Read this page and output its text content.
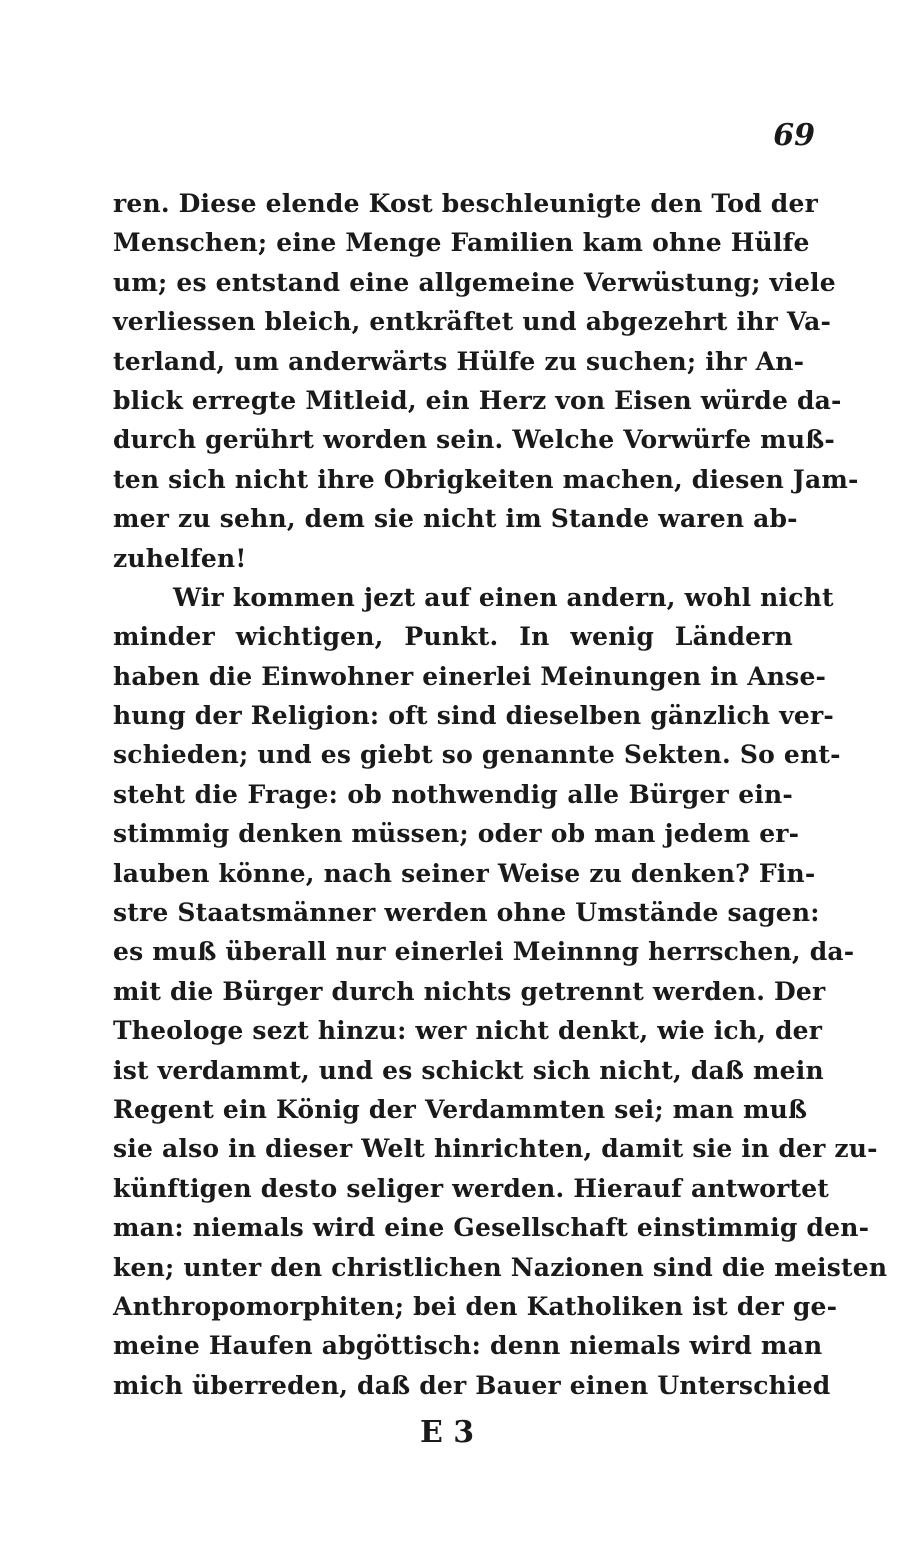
69
ren. Diese elende Kost beschleunigte den Tod der
Menschen; eine Menge Familien kam ohne Hülfe
um; es entstand eine allgemeine Verwüstung; viele
verliessen bleich, entkräftet und abgezehrt ihr Va-
terland, um anderwärts Hülfe zu suchen; ihr An-
blick erregte Mitleid, ein Herz von Eisen würde da-
durch gerührt worden sein. Welche Vorwürfe muß-
ten sich nicht ihre Obrigkeiten machen, diesen Jam-
mer zu sehn, dem sie nicht im Stande waren ab-
zuhelfen!
Wir kommen jezt auf einen andern, wohl nicht
minder wichtigen, Punkt. In wenig Ländern
haben die Einwohner einerlei Meinungen in Anse-
hung der Religion: oft sind dieselben gänzlich ver-
schieden; und es giebt so genannte Sekten. So ent-
steht die Frage: ob nothwendig alle Bürger ein-
stimmig denken müssen; oder ob man jedem er-
lauben könne, nach seiner Weise zu denken? Fin-
stre Staatsmänner werden ohne Umstände sagen:
es muß überall nur einerlei Meinnng herrschen, da-
mit die Bürger durch nichts getrennt werden. Der
Theologe sezt hinzu: wer nicht denkt, wie ich, der
ist verdammt, und es schickt sich nicht, daß mein
Regent ein König der Verdammten sei; man muß
sie also in dieser Welt hinrichten, damit sie in der zu-
künftigen desto seliger werden. Hierauf antwortet
man: niemals wird eine Gesellschaft einstimmig den-
ken; unter den christlichen Nazionen sind die meisten
Anthropomorphiten; bei den Katholiken ist der ge-
meine Haufen abgöttisch: denn niemals wird man
mich überreden, daß der Bauer einen Unterschied
E 3
